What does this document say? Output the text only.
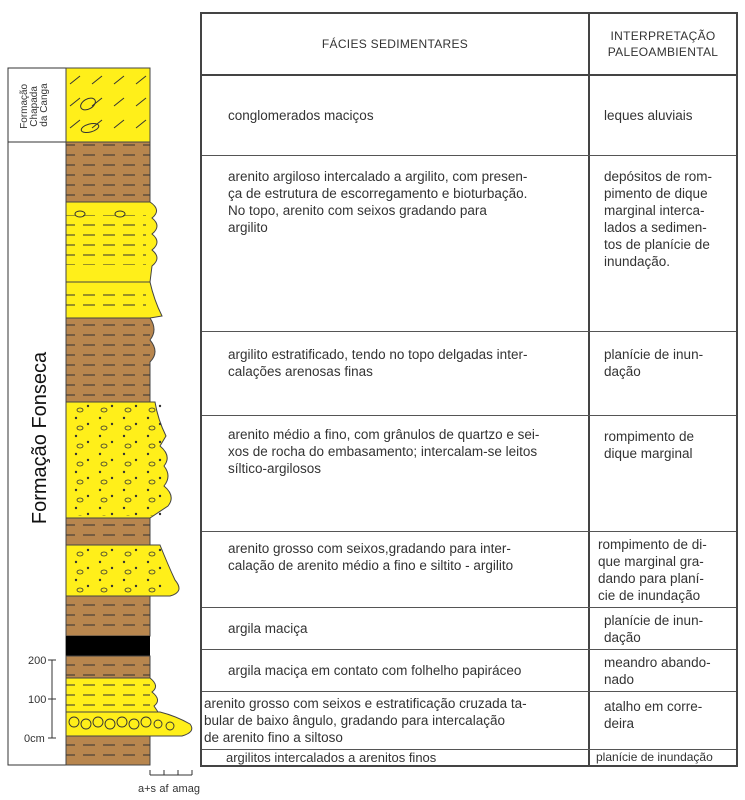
Formação Chapada da Canga
Formação Fonseca
200
100
0cm
a+s af am ag
FÁCIES SEDIMENTARES
INTERPRETAÇÃO
PALEOAMBIENTAL
conglomerados maciços	leques aluviais
arenito argiloso intercalado a argilito, com presen-
ça de estrutura de escorregamento e bioturbação.
No topo, arenito com seixos gradando para
argilito
depósitos de rom-
pimento de dique
marginal interca-
lados a sedimen-
tos de planície de
inundação.
argilito estratificado, tendo no topo delgadas inter-
calações arenosas finas
planície de inun-
dação
arenito médio a fino, com grânulos de quartzo e sei-
xos de rocha do embasamento; intercalam-se leitos
síltico-argilosos
rompimento de
dique marginal
arenito grosso com seixos,gradando para inter-
calação de arenito médio a fino e siltito - argilito
rompimento de di-
que marginal gra-
dando para planí-
cie de inundação
argila maciça
planície de inun-
dação
argila maciça em contato com folhelho papiráceo
meandro abando-
nado
arenito grosso com seixos e estratificação cruzada ta-
bular de baixo ângulo, gradando para intercalação
de arenito fino a siltoso
atalho em corre-
deira
argilitos intercalados a arenitos finos	planície de inundação
